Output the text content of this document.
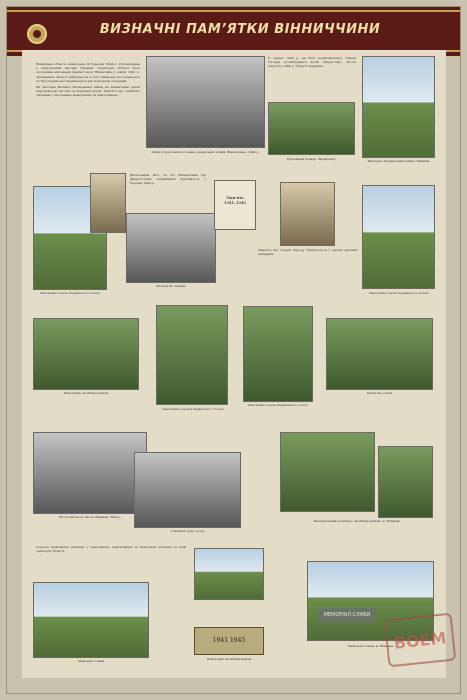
ВИЗНАЧНІ ПАМ’ЯТКИ ВІННИЧЧИНИ
Вінницька область визволена 20 березня 1944 р. Розташована у центральній частині України. Територія області була окупована військами фашистської Німеччини у липні 1941 р. Звільнення області відбувалося в ході Умансько-Ботошанської та Проскурівсько-Чернівецької наступальних операцій.
Як частина Великої Вітчизняної війни на Вінниччині діяли партизанські загони та підпільні групи. Пам’ять про загиблих увічнена у численних меморіалах та пам’ятниках.
Один із братських поховань радянських воїнів. Вінниччина, 1944 р.
У серпні 1942 р. на базі спецкомплексу ставки Гітлера розміщувався штаб «Вервольф». Після відступу 1944 р. будівлі підірвано.
Підземний бункер «Вервольф»	Меморіал Радянським воїнам. Вінниця
Пам’ятник Герою Радянського Союзу
Визволення міст та сіл Вінниччини від фашистських загарбників відбувалось у березні 1944 р.
Могила М. Сніжка
Пам’ять
1941–1945
Пам’ять про подвиг народу зберігається у серцях вдячних нащадків.
Пам’ятник Герою Радянського Союзу
Пам’ятник загиблим воїнам
Пам’ятник Героям Радянського Союзу
Пам’ятник Герою Радянського Союзу
Пам’ятна плита
Вступ військ до міста. Вінниця 1944 р.
Учасники руху опору
Меморіальний комплекс загиблим воїнам. м. Вінниця
Героїзм захисників увічнено у меморіалах, пам’ятниках та братських могилах по всій території області.
Меморіал Слави
1941 1945
Пам’ятник загиблим воїнам
МЕМОРІАЛ СЛАВИ
Меморіал Слави, м. Вінниця ВОЕМ
